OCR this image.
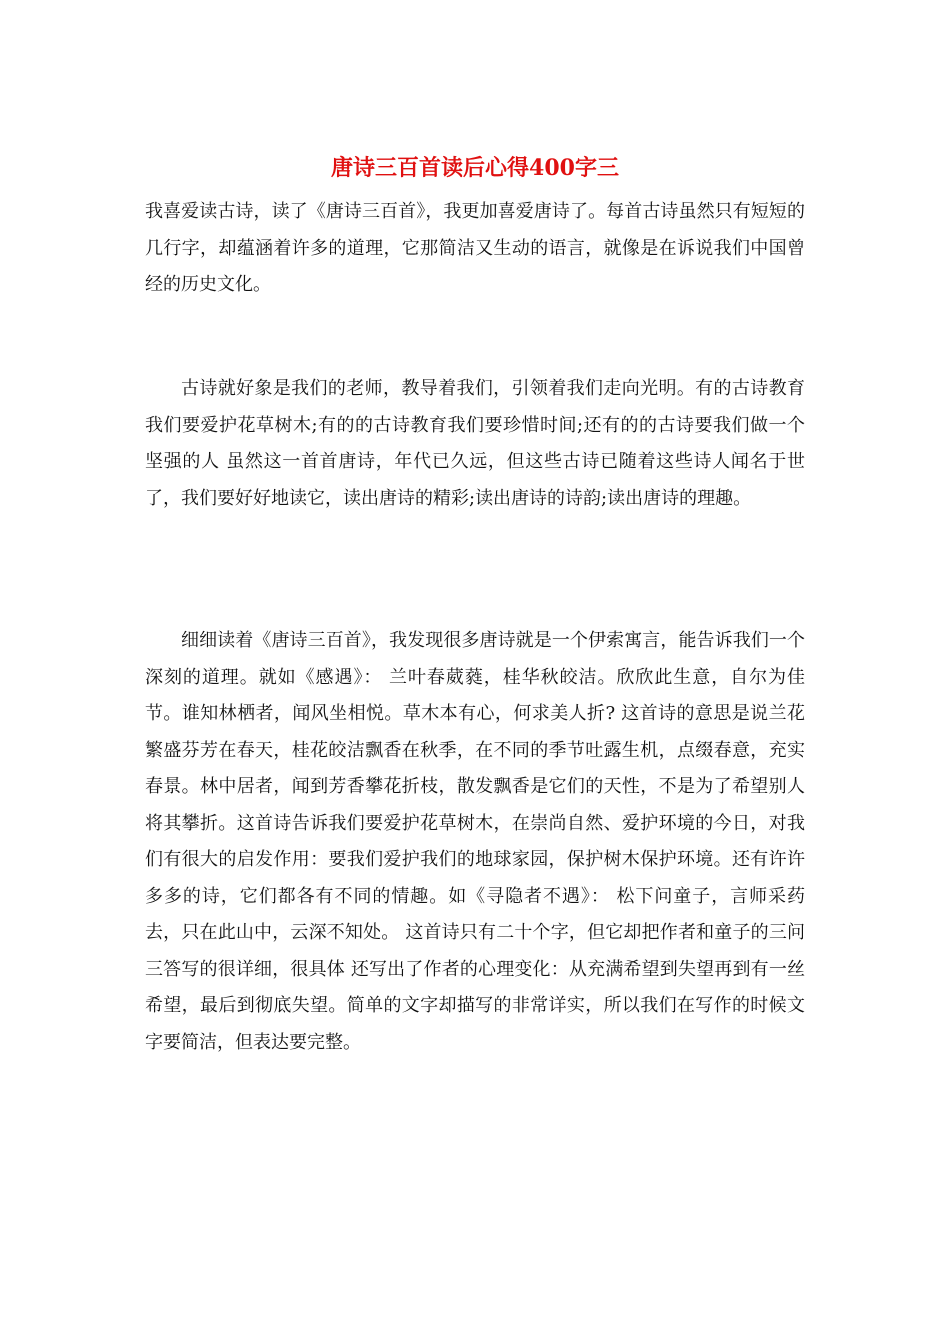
唐诗三百首读后心得400字三

我喜爱读古诗，读了《唐诗三百首》，我更加喜爱唐诗了。每首古诗虽然只有短短的几行字，却蕴涵着许多的道理，它那简洁又生动的语言，就像是在诉说我们中国曾经的历史文化。

古诗就好象是我们的老师，教导着我们，引领着我们走向光明。有的古诗教育我们要爱护花草树木;有的的古诗教育我们要珍惜时间;还有的的古诗要我们做一个坚强的人 虽然这一首首唐诗，年代已久远，但这些古诗已随着这些诗人闻名于世了，我们要好好地读它，读出唐诗的精彩;读出唐诗的诗韵;读出唐诗的理趣。

细细读着《唐诗三百首》，我发现很多唐诗就是一个伊索寓言，能告诉我们一个深刻的道理。就如《感遇》： 兰叶春葳蕤，桂华秋皎洁。欣欣此生意，自尔为佳节。谁知林栖者，闻风坐相悦。草木本有心，何求美人折? 这首诗的意思是说兰花繁盛芬芳在春天，桂花皎洁飘香在秋季，在不同的季节吐露生机，点缀春意，充实春景。林中居者，闻到芳香攀花折枝，散发飘香是它们的天性，不是为了希望别人将其攀折。这首诗告诉我们要爱护花草树木，在崇尚自然、爱护环境的今日，对我们有很大的启发作用：要我们爱护我们的地球家园，保护树木保护环境。还有许许多多的诗，它们都各有不同的情趣。如《寻隐者不遇》： 松下问童子，言师采药去，只在此山中，云深不知处。 这首诗只有二十个字，但它却把作者和童子的三问三答写的很详细，很具体 还写出了作者的心理变化：从充满希望到失望再到有一丝希望，最后到彻底失望。简单的文字却描写的非常详实，所以我们在写作的时候文字要简洁，但表达要完整。
